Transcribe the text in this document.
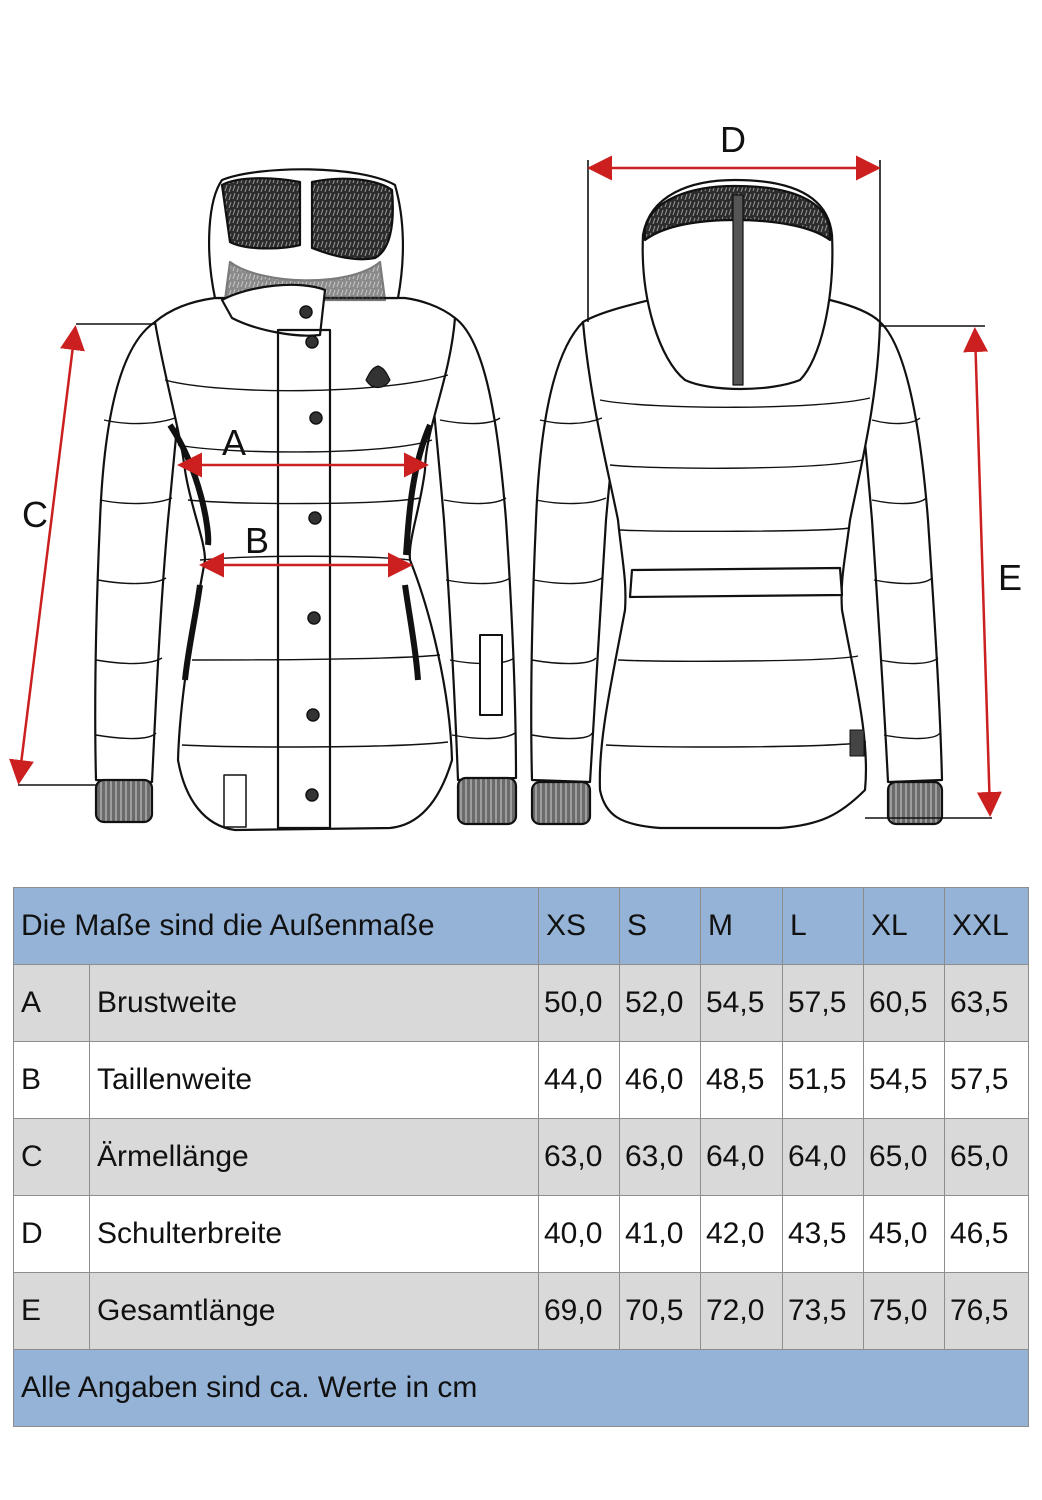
A
B
C
D
E
Die Maße sind die Außenmaße		XS	S	M	L	XL	XXL
A	Brustweite	50,0	52,0	54,5	57,5	60,5	63,5
B	Taillenweite	44,0	46,0	48,5	51,5	54,5	57,5
C	Ärmellänge	63,0	63,0	64,0	64,0	65,0	65,0
D	Schulterbreite	40,0	41,0	42,0	43,5	45,0	46,5
E	Gesamtlänge	69,0	70,5	72,0	73,5	75,0	76,5
Alle Angaben sind ca. Werte in cm							
